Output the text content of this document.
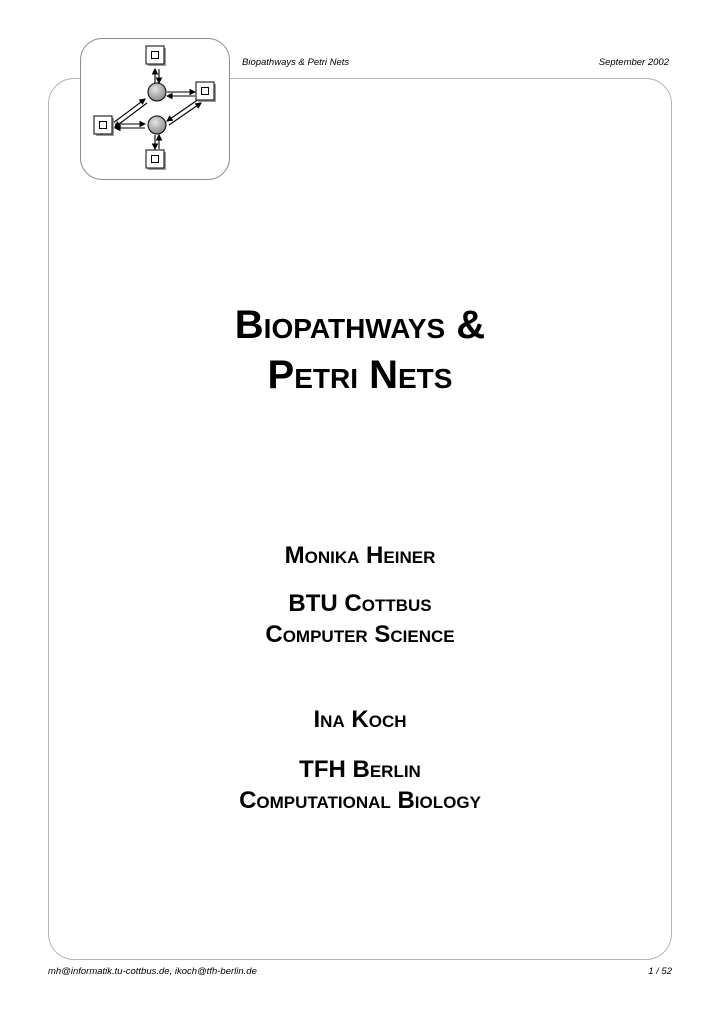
Biopathways & Petri Nets	September 2002
Biopathways &
Petri Nets
Monika Heiner
BTU Cottbus
Computer Science
Ina Koch
TFH Berlin
Computational Biology
mh@informatik.tu-cottbus.de, ikoch@tfh-berlin.de	1 / 52
